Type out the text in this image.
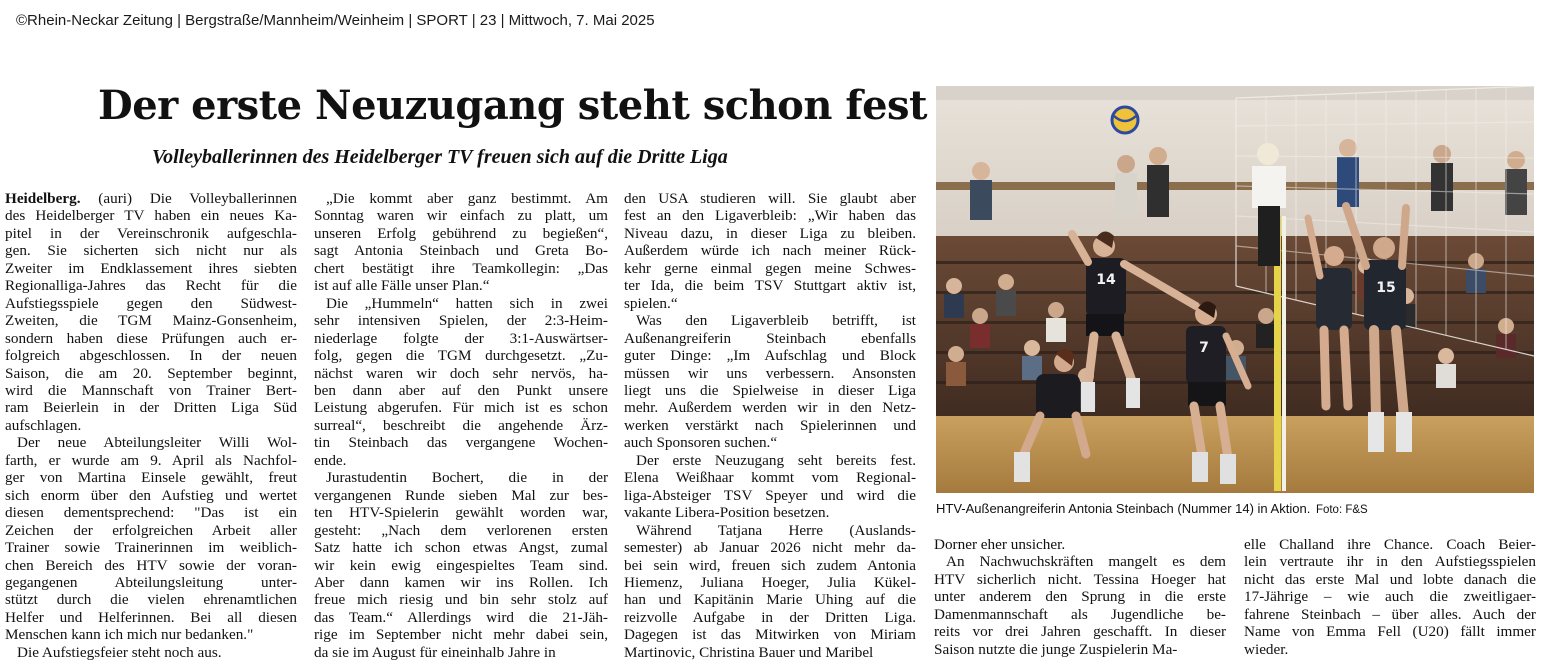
©Rhein-Neckar Zeitung | Bergstraße/Mannheim/Weinheim | SPORT | 23 | Mittwoch, 7. Mai 2025
Der erste Neuzugang steht schon fest
Volleyballerinnen des Heidelberger TV freuen sich auf die Dritte Liga
Heidelberg. (auri) Die Volleyballerinnen
des Heidelberger TV haben ein neues Ka-
pitel in der Vereinschronik aufgeschla-
gen. Sie sicherten sich nicht nur als
Zweiter im Endklassement ihres siebten
Regionalliga-Jahres das Recht für die
Aufstiegsspiele gegen den Südwest-
Zweiten, die TGM Mainz-Gonsenheim,
sondern haben diese Prüfungen auch er-
folgreich abgeschlossen. In der neuen
Saison, die am 20. September beginnt,
wird die Mannschaft von Trainer Bert-
ram Beierlein in der Dritten Liga Süd
aufschlagen.
Der neue Abteilungsleiter Willi Wol-
farth, er wurde am 9. April als Nachfol-
ger von Martina Einsele gewählt, freut
sich enorm über den Aufstieg und wertet
diesen dementsprechend: "Das ist ein
Zeichen der erfolgreichen Arbeit aller
Trainer sowie Trainerinnen im weiblich-
chen Bereich des HTV sowie der voran-
gegangenen Abteilungsleitung unter-
stützt durch die vielen ehrenamtlichen
Helfer und Helferinnen. Bei all diesen
Menschen kann ich mich nur bedanken."
Die Aufstiegsfeier steht noch aus.
„Die kommt aber ganz bestimmt. Am
Sonntag waren wir einfach zu platt, um
unseren Erfolg gebührend zu begießen“,
sagt Antonia Steinbach und Greta Bo-
chert bestätigt ihre Teamkollegin: „Das
ist auf alle Fälle unser Plan.“
Die „Hummeln“ hatten sich in zwei
sehr intensiven Spielen, der 2:3-Heim-
niederlage folgte der 3:1-Auswärtser-
folg, gegen die TGM durchgesetzt. „Zu-
nächst waren wir doch sehr nervös, ha-
ben dann aber auf den Punkt unsere
Leistung abgerufen. Für mich ist es schon
surreal“, beschreibt die angehende Ärz-
tin Steinbach das vergangene Wochen-
ende.
Jurastudentin Bochert, die in der
vergangenen Runde sieben Mal zur bes-
ten HTV-Spielerin gewählt worden war,
gesteht: „Nach dem verlorenen ersten
Satz hatte ich schon etwas Angst, zumal
wir kein ewig eingespieltes Team sind.
Aber dann kamen wir ins Rollen. Ich
freue mich riesig und bin sehr stolz auf
das Team.“ Allerdings wird die 21-Jäh-
rige im September nicht mehr dabei sein,
da sie im August für eineinhalb Jahre in
den USA studieren will. Sie glaubt aber
fest an den Ligaverbleib: „Wir haben das
Niveau dazu, in dieser Liga zu bleiben.
Außerdem würde ich nach meiner Rück-
kehr gerne einmal gegen meine Schwes-
ter Ida, die beim TSV Stuttgart aktiv ist,
spielen.“
Was den Ligaverbleib betrifft, ist
Außenangreiferin Steinbach ebenfalls
guter Dinge: „Im Aufschlag und Block
müssen wir uns verbessern. Ansonsten
liegt uns die Spielweise in dieser Liga
mehr. Außerdem werden wir in den Netz-
werken verstärkt nach Spielerinnen und
auch Sponsoren suchen.“
Der erste Neuzugang seht bereits fest.
Elena Weißhaar kommt vom Regional-
liga-Absteiger TSV Speyer und wird die
vakante Libera-Position besetzen.
Während Tatjana Herre (Auslands-
semester) ab Januar 2026 nicht mehr da-
bei sein wird, freuen sich zudem Antonia
Hiemenz, Juliana Hoeger, Julia Kükel-
han und Kapitänin Marie Uhing auf die
reizvolle Aufgabe in der Dritten Liga.
Dagegen ist das Mitwirken von Miriam
Martinovic, Christina Bauer und Maribel
Dorner eher unsicher.
An Nachwuchskräften mangelt es dem
HTV sicherlich nicht. Tessina Hoeger hat
unter anderem den Sprung in die erste
Damenmannschaft als Jugendliche be-
reits vor drei Jahren geschafft. In dieser
Saison nutzte die junge Zuspielerin Ma-
elle Challand ihre Chance. Coach Beier-
lein vertraute ihr in den Aufstiegsspielen
nicht das erste Mal und lobte danach die
17-Jährige – wie auch die zweitligaer-
fahrene Steinbach – über alles. Auch der
Name von Emma Fell (U20) fällt immer
wieder.
14
7
15
HTV-Außenangreiferin Antonia Steinbach (Nummer 14) in Aktion. Foto: F&S
